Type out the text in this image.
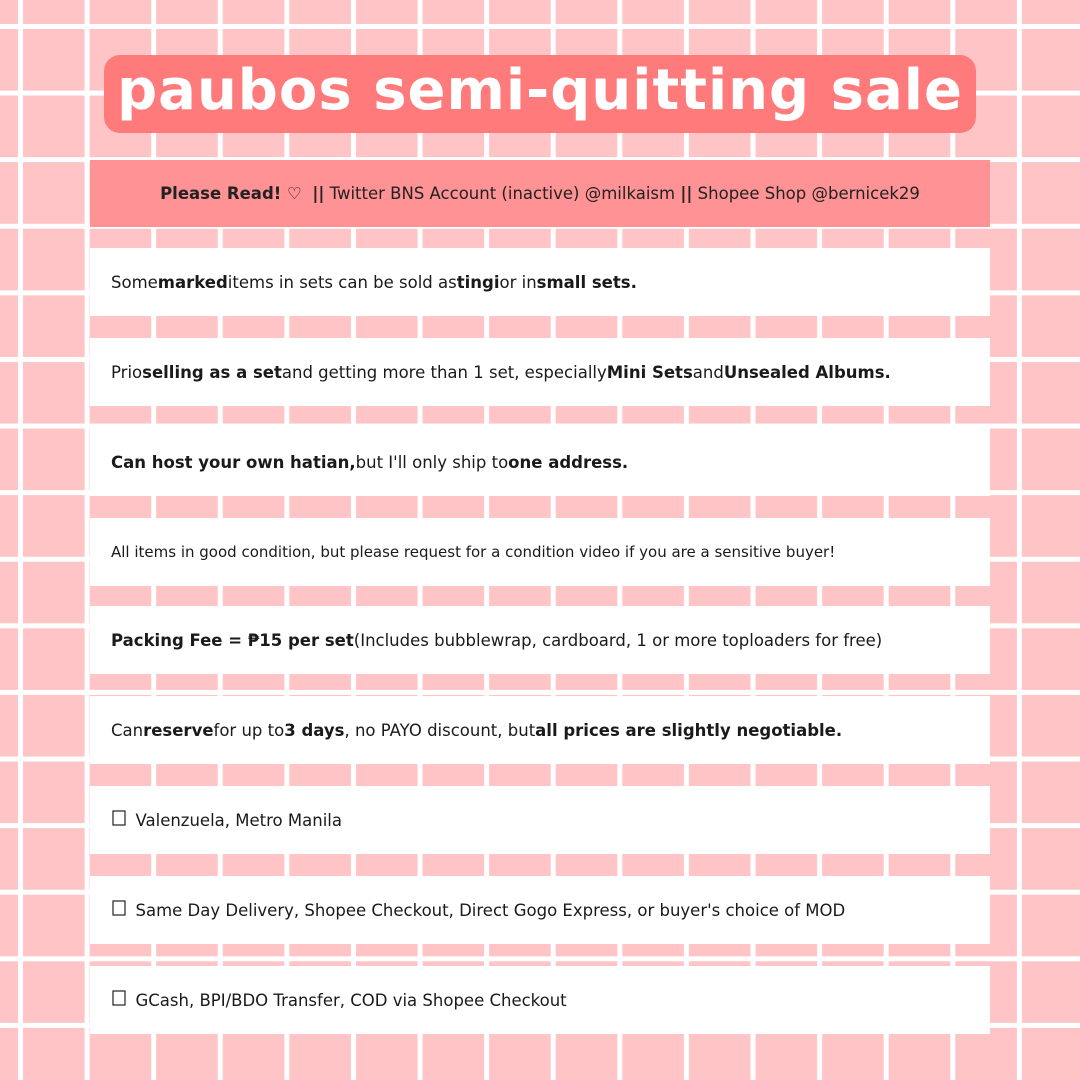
paubos semi-quitting sale
Please Read! ♡
||
Twitter BNS Account (inactive) @milkaism
||
Shopee Shop @bernicek29
Some marked items in sets can be sold as tingi or in small sets.
Prio selling as a set and getting more than 1 set, especially Mini Sets and Unsealed Albums.
Can host your own hatian, but I'll only ship to one address.
All items in good condition, but please request for a condition video if you are a sensitive buyer!
Packing Fee = ₱15 per set (Includes bubblewrap, cardboard, 1 or more toploaders for free)
Can reserve for up to 3 days , no PAYO discount, but all prices are slightly negotiable.
Valenzuela, Metro Manila
Same Day Delivery, Shopee Checkout, Direct Gogo Express, or buyer's choice of MOD
GCash, BPI/BDO Transfer, COD via Shopee Checkout
